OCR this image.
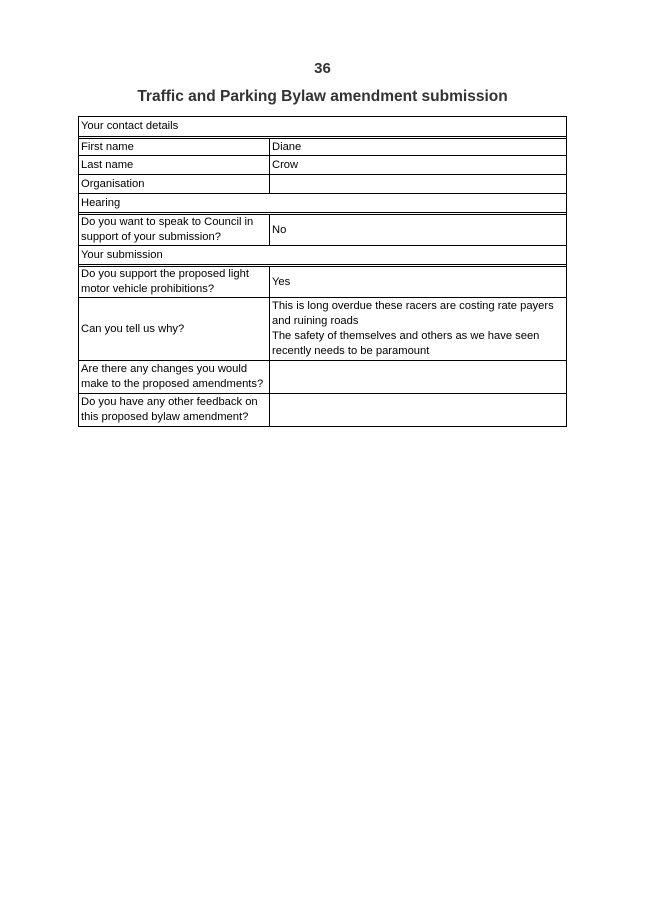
36
Traffic and Parking Bylaw amendment submission
Your contact details
First name	Diane
Last name	Crow
Organisation
Hearing
Do you want to speak to Council in support of your submission?
No
Your submission
Do you support the proposed light motor vehicle prohibitions?
Yes
Can you tell us why?
This is long overdue these racers are costing rate payers and ruining roads
The safety of themselves and others as we have seen recently needs to be paramount
Are there any changes you would make to the proposed amendments?
Do you have any other feedback on this proposed bylaw amendment?
